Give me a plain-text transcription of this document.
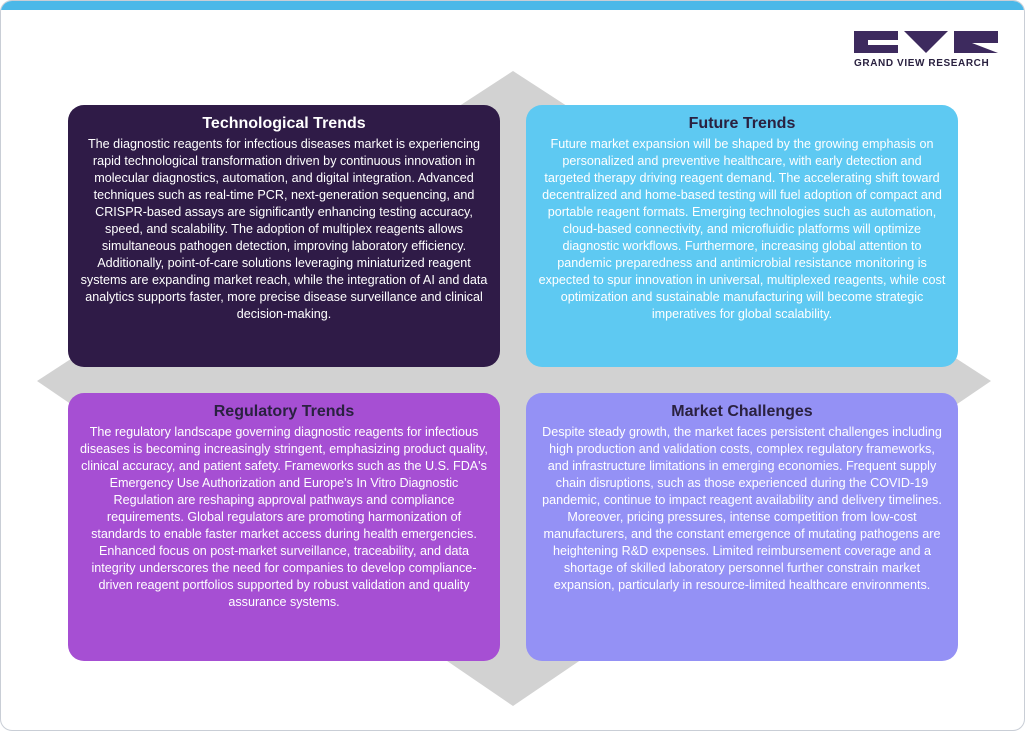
GRAND VIEW RESEARCH
Technological Trends

The diagnostic reagents for infectious diseases market is experiencing rapid technological transformation driven by continuous innovation in molecular diagnostics, automation, and digital integration. Advanced techniques such as real-time PCR, next-generation sequencing, and CRISPR-based assays are significantly enhancing testing accuracy, speed, and scalability. The adoption of multiplex reagents allows simultaneous pathogen detection, improving laboratory efficiency. Additionally, point-of-care solutions leveraging miniaturized reagent systems are expanding market reach, while the integration of AI and data analytics supports faster, more precise disease surveillance and clinical decision-making.

Future Trends

Future market expansion will be shaped by the growing emphasis on personalized and preventive healthcare, with early detection and targeted therapy driving reagent demand. The accelerating shift toward decentralized and home-based testing will fuel adoption of compact and portable reagent formats. Emerging technologies such as automation, cloud-based connectivity, and microfluidic platforms will optimize diagnostic workflows. Furthermore, increasing global attention to pandemic preparedness and antimicrobial resistance monitoring is expected to spur innovation in universal, multiplexed reagents, while cost optimization and sustainable manufacturing will become strategic imperatives for global scalability.

Regulatory Trends

The regulatory landscape governing diagnostic reagents for infectious diseases is becoming increasingly stringent, emphasizing product quality, clinical accuracy, and patient safety. Frameworks such as the U.S. FDA's Emergency Use Authorization and Europe's In Vitro Diagnostic Regulation are reshaping approval pathways and compliance requirements. Global regulators are promoting harmonization of standards to enable faster market access during health emergencies. Enhanced focus on post-market surveillance, traceability, and data integrity underscores the need for companies to develop compliance-driven reagent portfolios supported by robust validation and quality assurance systems.

Market Challenges

Despite steady growth, the market faces persistent challenges including high production and validation costs, complex regulatory frameworks, and infrastructure limitations in emerging economies. Frequent supply chain disruptions, such as those experienced during the COVID-19 pandemic, continue to impact reagent availability and delivery timelines. Moreover, pricing pressures, intense competition from low-cost manufacturers, and the constant emergence of mutating pathogens are heightening R&D expenses. Limited reimbursement coverage and a shortage of skilled laboratory personnel further constrain market expansion, particularly in resource-limited healthcare environments.
